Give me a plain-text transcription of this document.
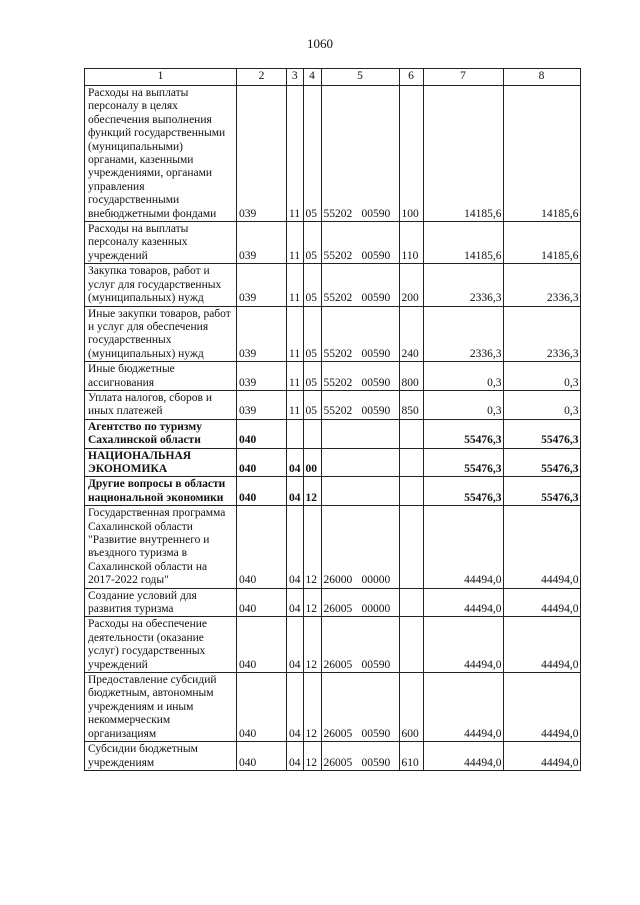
1060
1	2	3	4	5	6	7	8
Расходы на выплаты персоналу в целях обеспечения выполнения функций государственными (муниципальными) органами, казенными учреждениями, органами управления государственными внебюджетными фондами	039	11	05	55202 00590	100	14185,6	14185,6
Расходы на выплаты персоналу казенных учреждений	039	11	05	55202 00590	110	14185,6	14185,6
Закупка товаров, работ и услуг для государственных (муниципальных) нужд	039	11	05	55202 00590	200	2336,3	2336,3
Иные закупки товаров, работ и услуг для обеспечения государственных (муниципальных) нужд	039	11	05	55202 00590	240	2336,3	2336,3
Иные бюджетные ассигнования	039	11	05	55202 00590	800	0,3	0,3
Уплата налогов, сборов и иных платежей	039	11	05	55202 00590	850	0,3	0,3
Агентство по туризму Сахалинской области	040					55476,3	55476,3
НАЦИОНАЛЬНАЯ ЭКОНОМИКА	040	04	00			55476,3	55476,3
Другие вопросы в области национальной экономики	040	04	12			55476,3	55476,3
Государственная программа Сахалинской области "Развитие внутреннего и въездного туризма в Сахалинской области на 2017-2022 годы"	040	04	12	26000 00000		44494,0	44494,0
Создание условий для развития туризма	040	04	12	26005 00000		44494,0	44494,0
Расходы на обеспечение деятельности (оказание услуг) государственных учреждений	040	04	12	26005 00590		44494,0	44494,0
Предоставление субсидий бюджетным, автономным учреждениям и иным некоммерческим организациям	040	04	12	26005 00590	600	44494,0	44494,0
Субсидии бюджетным учреждениям	040	04	12	26005 00590	610	44494,0	44494,0
